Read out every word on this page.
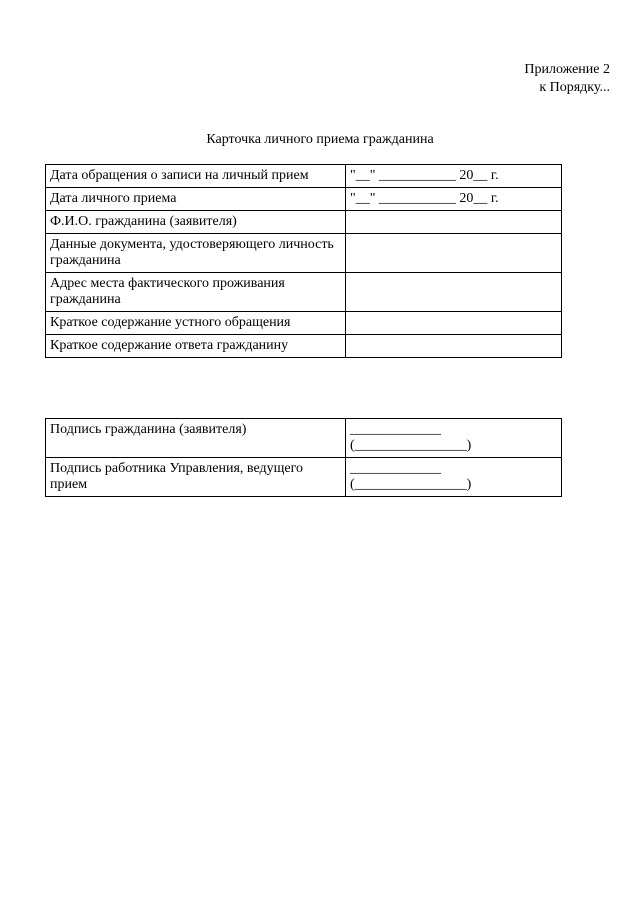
Приложение 2
к Порядку...
Карточка личного приема гражданина
Дата обращения о записи на личный прием	"__" ___________ 20__ г.
Дата личного приема	"__" ___________ 20__ г.
Ф.И.О. гражданина (заявителя)	
Данные документа, удостоверяющего личность гражданина	
Адрес места фактического проживания гражданина	
Краткое содержание устного обращения	
Краткое содержание ответа гражданину	
Подпись гражданина (заявителя)	_____________
(________________)

Подпись работника Управления, ведущего прием	_____________
(________________)
